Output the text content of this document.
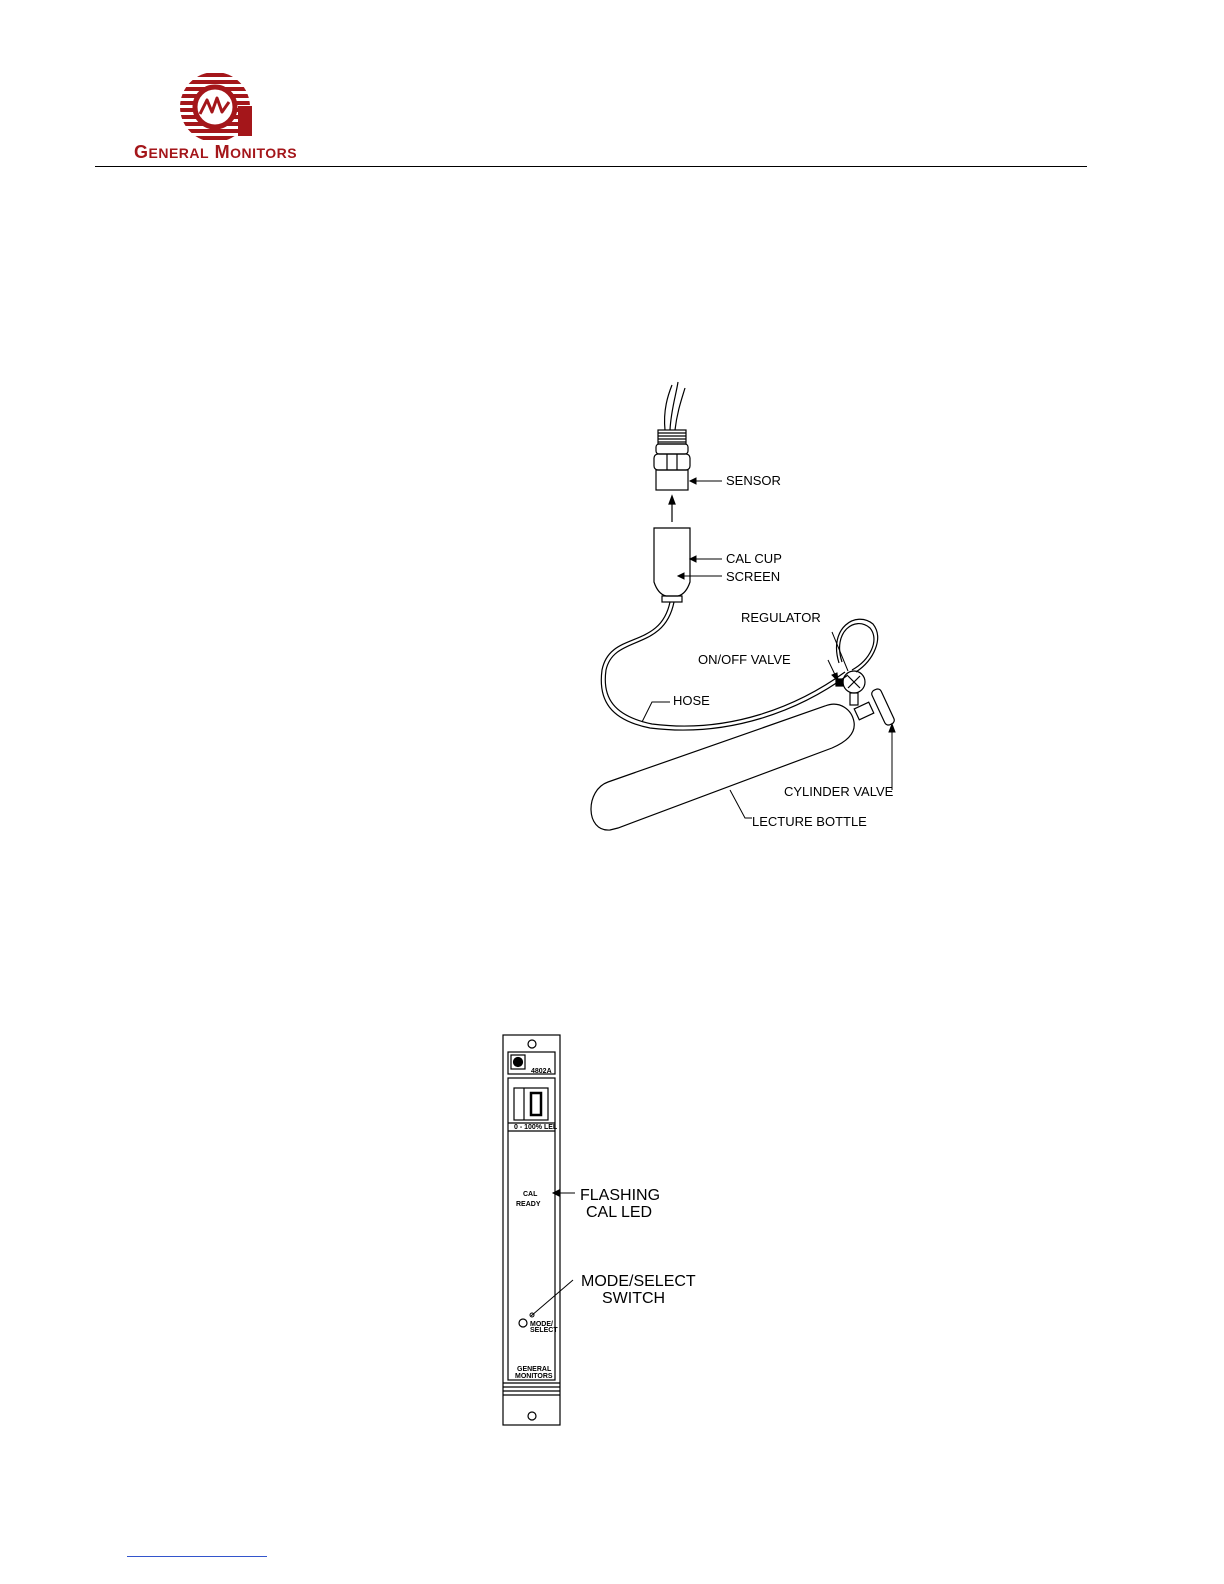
GENERAL MONITORS
SENSOR
CAL CUP
SCREEN
REGULATOR
ON/OFF VALVE
HOSE
CYLINDER VALVE
LECTURE BOTTLE
4802A
0 - 100% LEL
CAL
READY
MODE/
SELECT
GENERAL
MONITORS
FLASHING
CAL LED
MODE/SELECT
SWITCH
